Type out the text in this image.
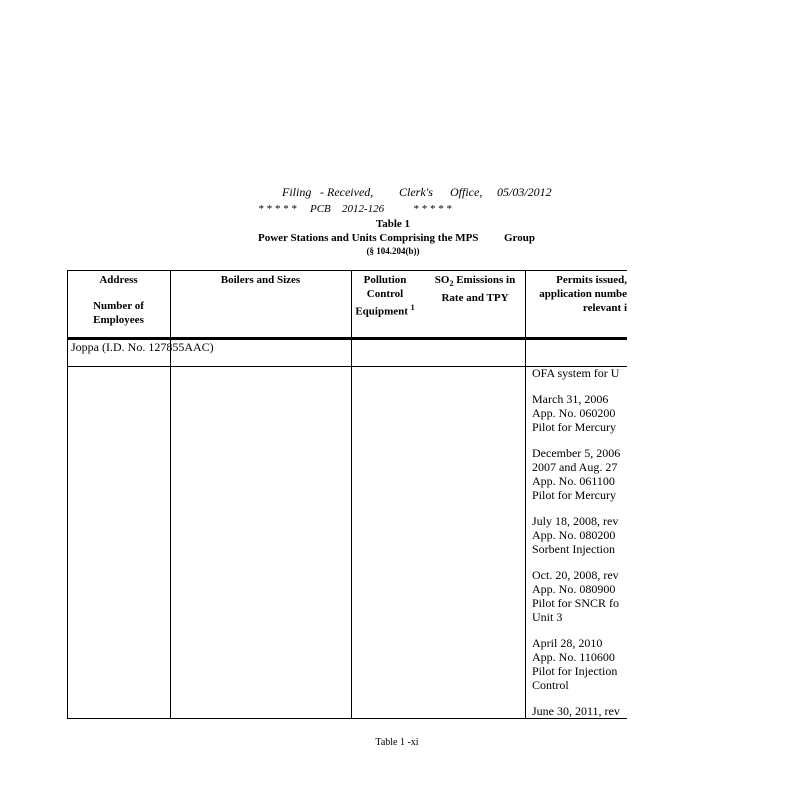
Filing - Received, Clerk's Office, 05/03/2012
* * * * * PCB 2012-126	* * * * *
Table 1
Power Stations and Units Comprising the MPS Group
(§ 104.204(b))
Address
Number of
Employees
Boilers and Sizes	Pollution
Control
Equipment $^1$
$SO_2$ Emissions in
Rate and TPY
Permits issued,
application numbe
relevant i
Joppa (I.D. No. 127855AAC)

OFA system for U

March 31, 2006
App. No. 060200
Pilot for Mercury

December 5, 2006
2007 and Aug. 27
App. No. 061100
Pilot for Mercury

July 18, 2008, rev
App. No. 080200
Sorbent Injection

Oct. 20, 2008, rev
App. No. 080900
Pilot for SNCR fo
Unit 3

April 28, 2010
App. No. 110600
Pilot for Injection
Control

June 30, 2011, rev

Table 1 -xi
